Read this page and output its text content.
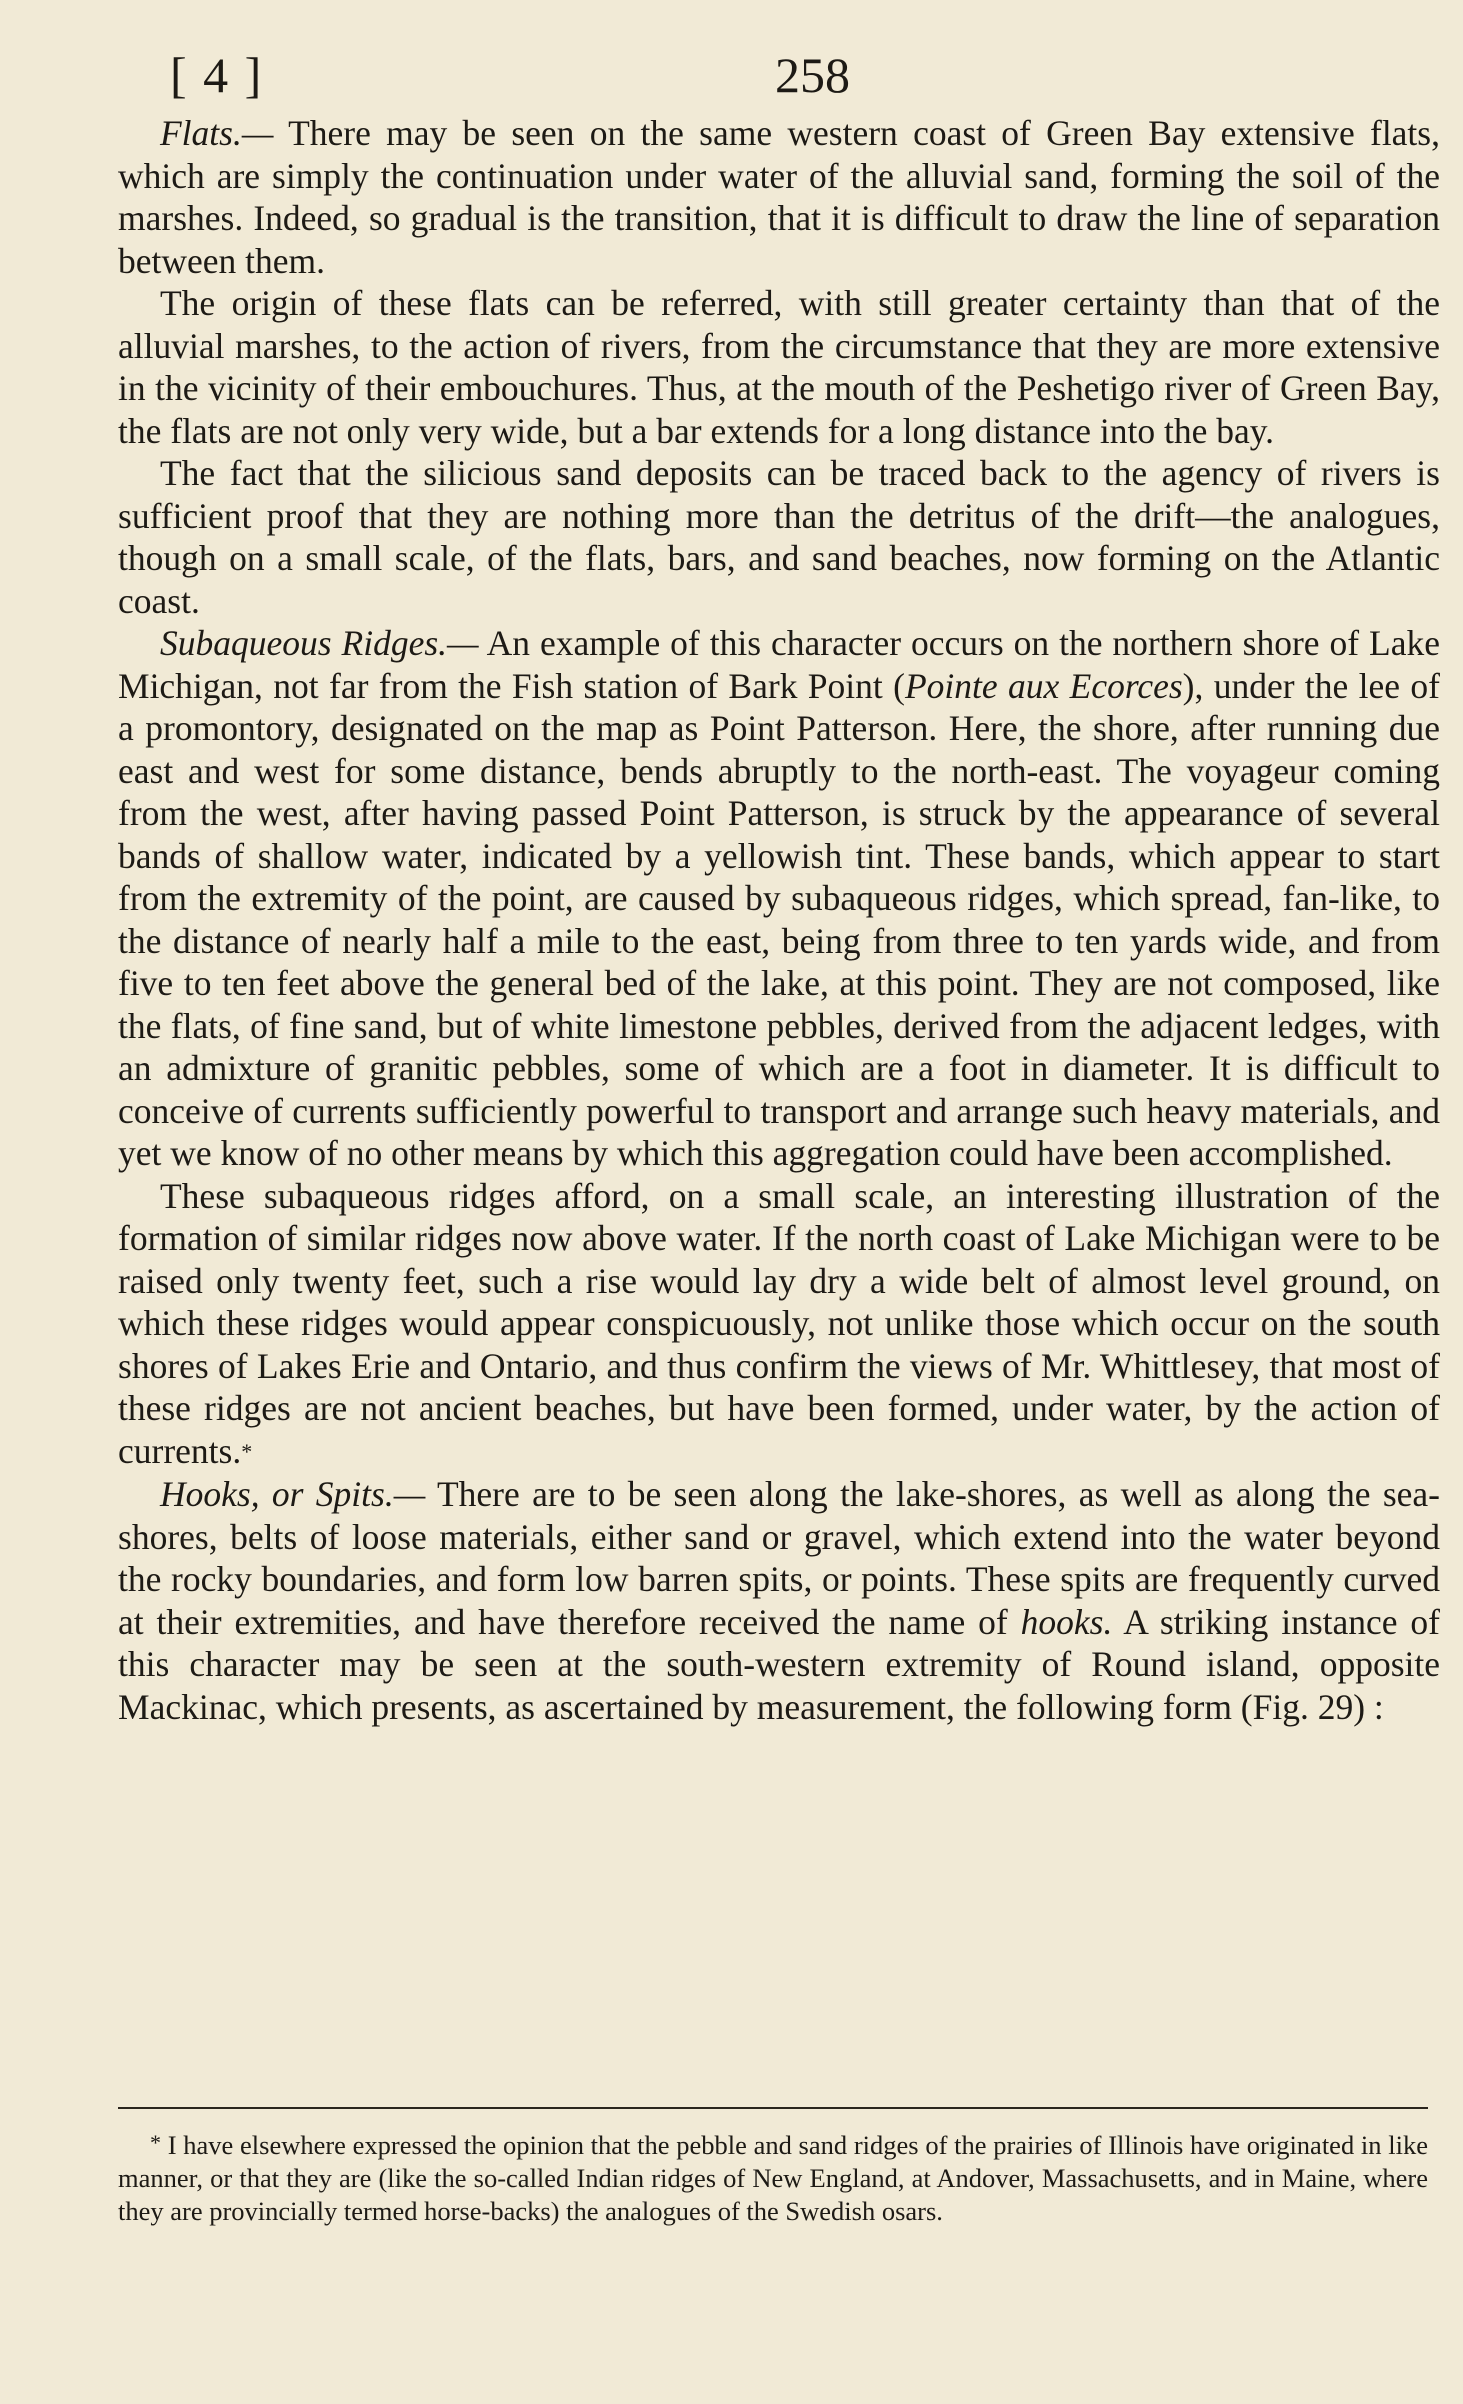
[ 4 ]	258

Flats.— There may be seen on the same western coast of Green Bay extensive flats, which are simply the continuation under water of the alluvial sand, forming the soil of the marshes. Indeed, so gradual is the transition, that it is difficult to draw the line of separation between them.

The origin of these flats can be referred, with still greater certainty than that of the alluvial marshes, to the action of rivers, from the circumstance that they are more extensive in the vicinity of their embouchures. Thus, at the mouth of the Peshetigo river of Green Bay, the flats are not only very wide, but a bar extends for a long distance into the bay.

The fact that the silicious sand deposits can be traced back to the agency of rivers is sufficient proof that they are nothing more than the detritus of the drift—the analogues, though on a small scale, of the flats, bars, and sand beaches, now forming on the Atlantic coast.

Subaqueous Ridges.— An example of this character occurs on the northern shore of Lake Michigan, not far from the Fish station of Bark Point (Pointe aux Ecorces), under the lee of a promontory, designated on the map as Point Patterson. Here, the shore, after running due east and west for some distance, bends abruptly to the north-east. The voyageur coming from the west, after having passed Point Patterson, is struck by the appearance of several bands of shallow water, indicated by a yellowish tint. These bands, which appear to start from the extremity of the point, are caused by subaqueous ridges, which spread, fan-like, to the distance of nearly half a mile to the east, being from three to ten yards wide, and from five to ten feet above the general bed of the lake, at this point. They are not composed, like the flats, of fine sand, but of white limestone pebbles, derived from the adjacent ledges, with an admixture of granitic pebbles, some of which are a foot in diameter. It is difficult to conceive of currents sufficiently powerful to transport and arrange such heavy materials, and yet we know of no other means by which this aggregation could have been accomplished.

These subaqueous ridges afford, on a small scale, an interesting illustration of the formation of similar ridges now above water. If the north coast of Lake Michigan were to be raised only twenty feet, such a rise would lay dry a wide belt of almost level ground, on which these ridges would appear conspicuously, not unlike those which occur on the south shores of Lakes Erie and Ontario, and thus confirm the views of Mr. Whittlesey, that most of these ridges are not ancient beaches, but have been formed, under water, by the action of currents.*

Hooks, or Spits.— There are to be seen along the lake-shores, as well as along the sea-shores, belts of loose materials, either sand or gravel, which extend into the water beyond the rocky boundaries, and form low barren spits, or points. These spits are frequently curved at their extremities, and have therefore received the name of hooks. A striking instance of this character may be seen at the south-western extremity of Round island, opposite Mackinac, which presents, as ascertained by measurement, the following form (Fig. 29) :

* I have elsewhere expressed the opinion that the pebble and sand ridges of the prairies of Illinois have originated in like manner, or that they are (like the so-called Indian ridges of New England, at Andover, Massachusetts, and in Maine, where they are provincially termed horse-backs) the analogues of the Swedish osars.
